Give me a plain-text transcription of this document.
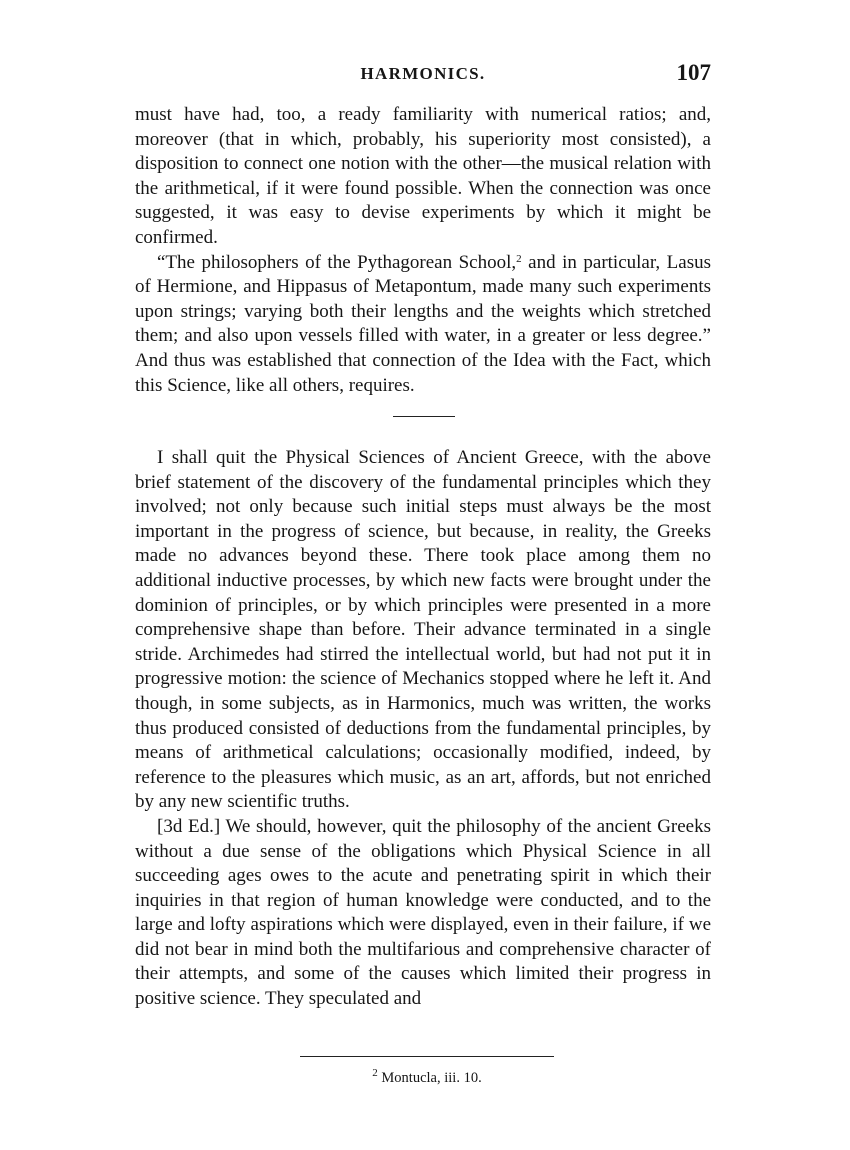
HARMONICS.	107

must have had, too, a ready familiarity with numerical ratios; and, moreover (that in which, probably, his superiority most consisted), a disposition to connect one notion with the other—the musical relation with the arithmetical, if it were found possible. When the connection was once suggested, it was easy to devise experiments by which it might be confirmed.

“The philosophers of the Pythagorean School,$^2$ and in particular, Lasus of Hermione, and Hippasus of Metapontum, made many such experiments upon strings; varying both their lengths and the weights which stretched them; and also upon vessels filled with water, in a greater or less degree.” And thus was established that connection of the Idea with the Fact, which this Science, like all others, requires.

I shall quit the Physical Sciences of Ancient Greece, with the above brief statement of the discovery of the fundamental principles which they involved; not only because such initial steps must always be the most important in the progress of science, but because, in reality, the Greeks made no advances beyond these. There took place among them no additional inductive processes, by which new facts were brought under the dominion of principles, or by which principles were presented in a more comprehensive shape than before. Their advance terminated in a single stride. Archimedes had stirred the intellectual world, but had not put it in progressive motion: the science of Mechanics stopped where he left it. And though, in some subjects, as in Harmonics, much was written, the works thus produced consisted of deductions from the fundamental principles, by means of arithmetical calculations; occasionally modified, indeed, by reference to the pleasures which music, as an art, affords, but not enriched by any new scientific truths.

[3d Ed.] We should, however, quit the philosophy of the ancient Greeks without a due sense of the obligations which Physical Science in all succeeding ages owes to the acute and penetrating spirit in which their inquiries in that region of human knowledge were conducted, and to the large and lofty aspirations which were displayed, even in their failure, if we did not bear in mind both the multifarious and comprehensive character of their attempts, and some of the causes which limited their progress in positive science. They speculated and

$^2$ Montucla, iii. 10.
